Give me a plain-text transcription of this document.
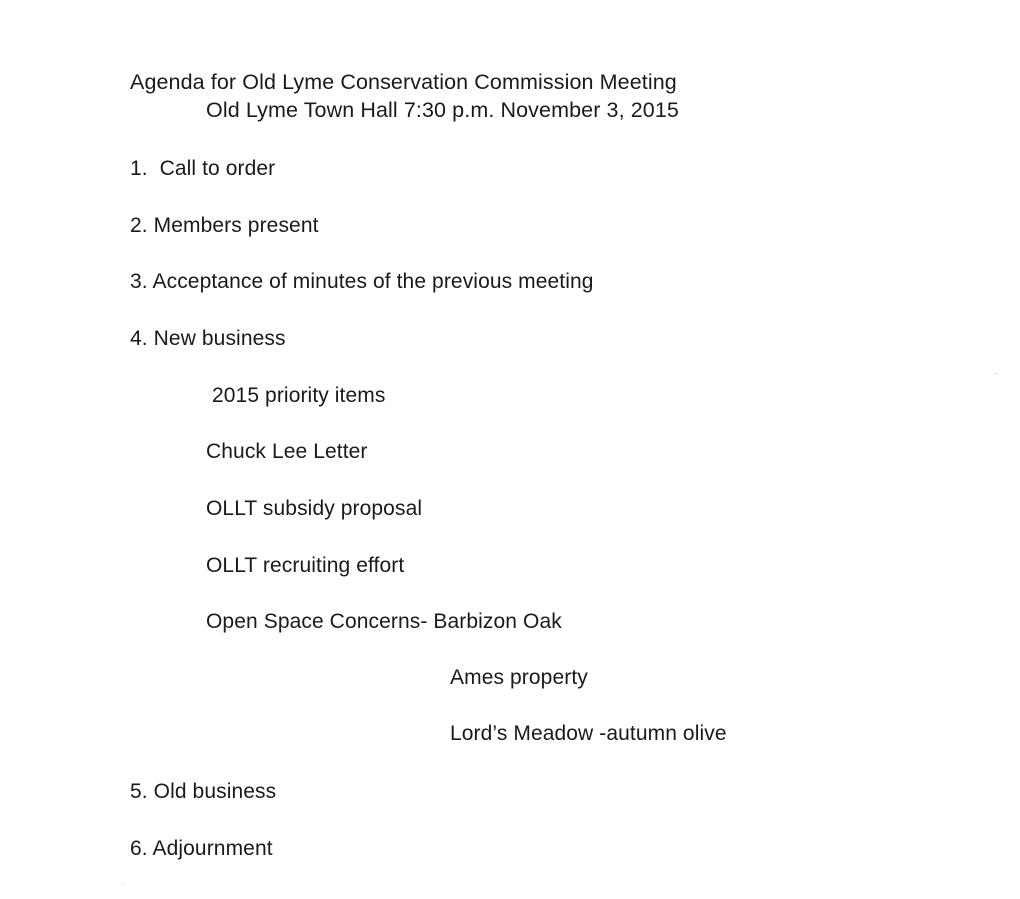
Agenda for Old Lyme Conservation Commission Meeting
Old Lyme Town Hall 7:30 p.m. November 3, 2015
1.  Call to order
2. Members present
3. Acceptance of minutes of the previous meeting
4. New business
2015 priority items
Chuck Lee Letter
OLLT subsidy proposal
OLLT recruiting effort
Open Space Concerns- Barbizon Oak
Ames property
Lord’s Meadow -autumn olive
5. Old business
6. Adjournment
